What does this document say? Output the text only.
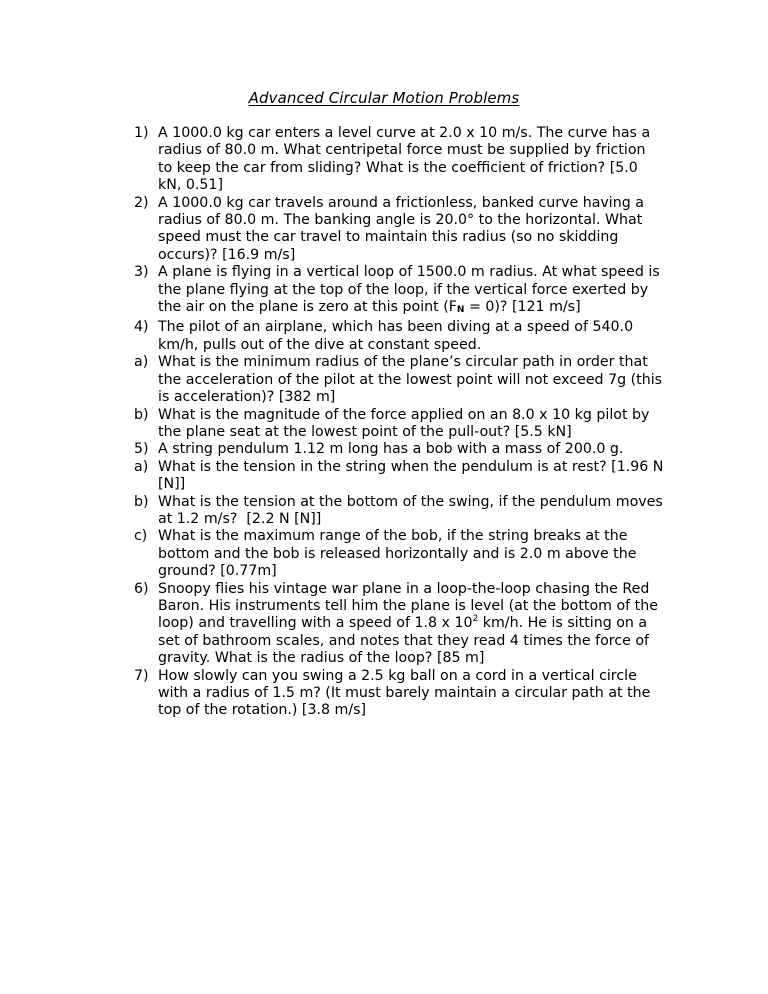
Advanced Circular Motion Problems
1) A 1000.0 kg car enters a level curve at 2.0 x 10 m/s. The curve has a radius of 80.0 m. What centripetal force must be supplied by friction to keep the car from sliding? What is the coefficient of friction? [5.0 kN, 0.51]
2) A 1000.0 kg car travels around a frictionless, banked curve having a radius of 80.0 m. The banking angle is 20.0° to the horizontal. What speed must the car travel to maintain this radius (so no skidding occurs)? [16.9 m/s]
3) A plane is flying in a vertical loop of 1500.0 m radius. At what speed is the plane flying at the top of the loop, if the vertical force exerted by the air on the plane is zero at this point (FN = 0)? [121 m/s]
4) The pilot of an airplane, which has been diving at a speed of 540.0 km/h, pulls out of the dive at constant speed.
a) What is the minimum radius of the plane’s circular path in order that the acceleration of the pilot at the lowest point will not exceed 7g (this is acceleration)? [382 m]
b) What is the magnitude of the force applied on an 8.0 x 10 kg pilot by the plane seat at the lowest point of the pull-out? [5.5 kN]
5) A string pendulum 1.12 m long has a bob with a mass of 200.0 g.
a) What is the tension in the string when the pendulum is at rest? [1.96 N [N]]
b) What is the tension at the bottom of the swing, if the pendulum moves at 1.2 m/s?  [2.2 N [N]]
c) What is the maximum range of the bob, if the string breaks at the bottom and the bob is released horizontally and is 2.0 m above the ground? [0.77m]
6) Snoopy flies his vintage war plane in a loop-the-loop chasing the Red Baron. His instruments tell him the plane is level (at the bottom of the loop) and travelling with a speed of 1.8 x $10^2$ km/h. He is sitting on a set of bathroom scales, and notes that they read 4 times the force of gravity. What is the radius of the loop? [85 m]
7) How slowly can you swing a 2.5 kg ball on a cord in a vertical circle with a radius of 1.5 m? (It must barely maintain a circular path at the top of the rotation.) [3.8 m/s]
